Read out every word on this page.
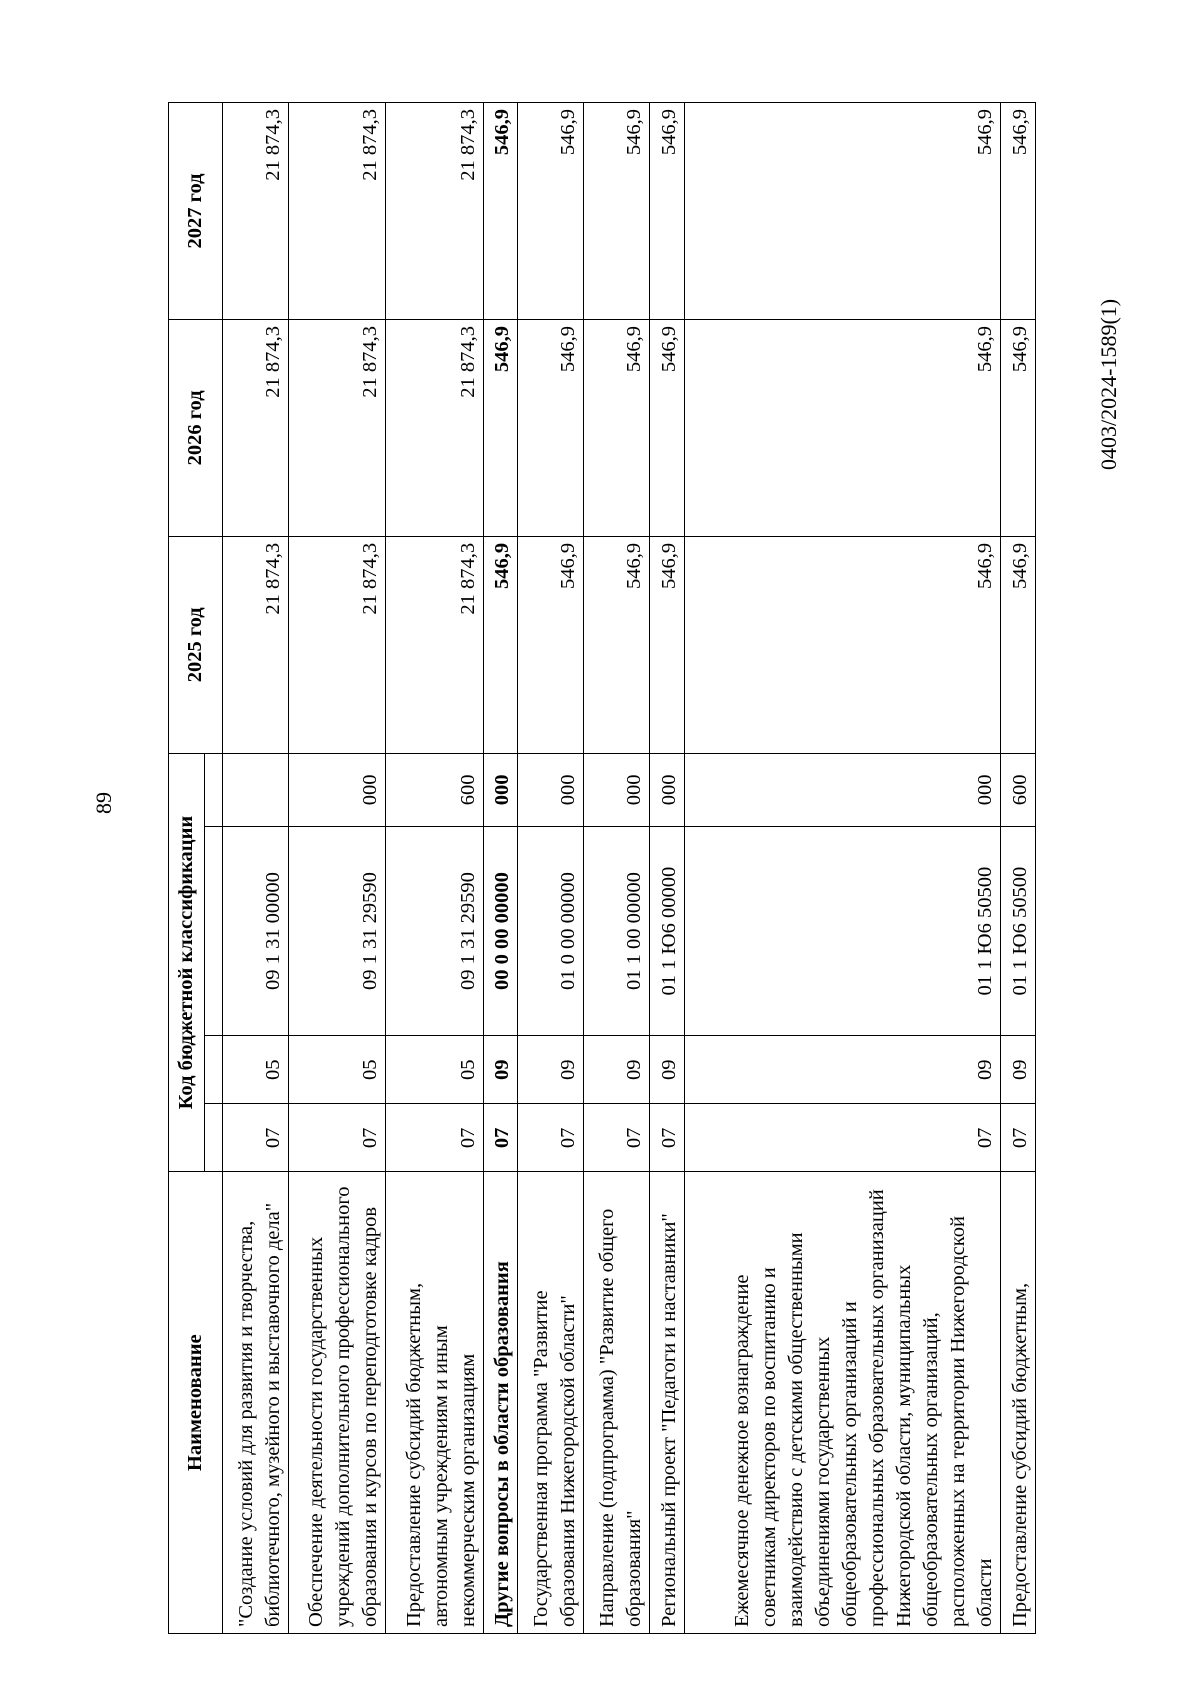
89
Наименование	Код бюджетной классификации				2025 год	2026 год	2027 год

"Создание условий для развития и творчества, библиотечного, музейного и выставочного дела"	07	05	09 1 31 00000		21 874,3	21 874,3	21 874,3
Обеспечение деятельности государственных учреждений дополнительного профессионального образования и курсов по переподготовке кадров	07	05	09 1 31 29590	000	21 874,3	21 874,3	21 874,3
Предоставление субсидий бюджетным, автономным учреждениям и иным некоммерческим организациям	07	05	09 1 31 29590	600	21 874,3	21 874,3	21 874,3
Другие вопросы в области образования	07	09	00 0 00 00000	000	546,9	546,9	546,9
Государственная программа "Развитие образования Нижегородской области"	07	09	01 0 00 00000	000	546,9	546,9	546,9
Направление (подпрограмма) "Развитие общего образования"	07	09	01 1 00 00000	000	546,9	546,9	546,9
Региональный проект "Педагоги и наставники"	07	09	01 1 Ю6 00000	000	546,9	546,9	546,9
Ежемесячное денежное вознаграждение советникам директоров по воспитанию и взаимодействию с детскими общественными объединениями государственных общеобразовательных организаций и профессиональных образовательных организаций Нижегородской области, муниципальных общеобразовательных организаций, расположенных на территории Нижегородской области	07	09	01 1 Ю6 50500	000	546,9	546,9	546,9
Предоставление субсидий бюджетным,	07	09	01 1 Ю6 50500	600	546,9	546,9	546,9
0403/2024-1589(1)
